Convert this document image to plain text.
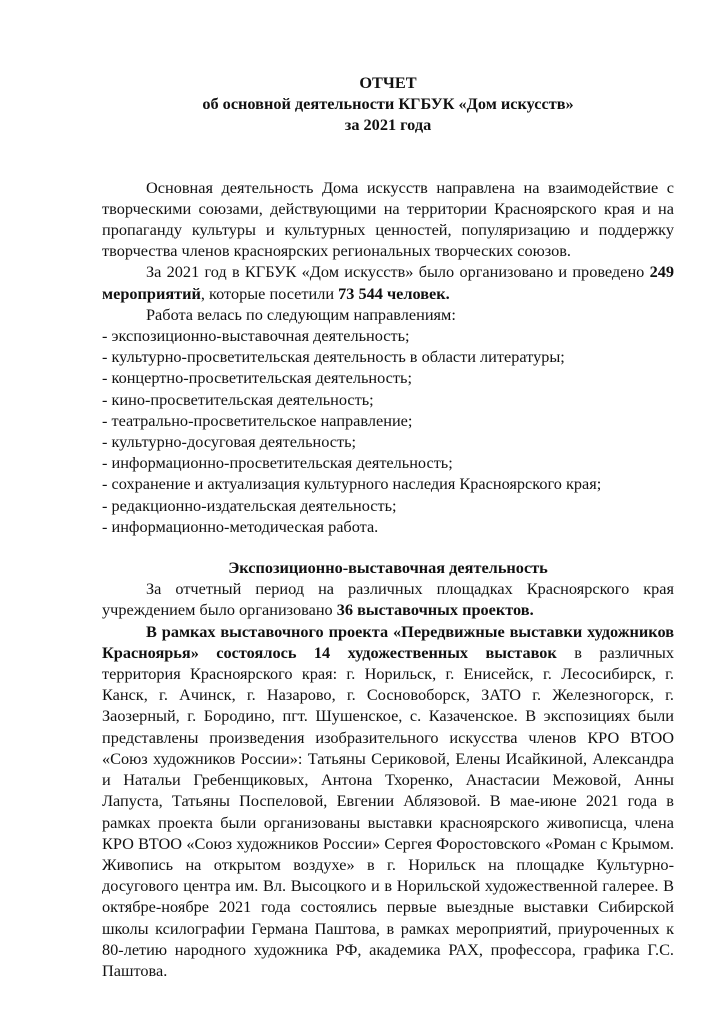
ОТЧЕТ
об основной деятельности КГБУК «Дом искусств»
за 2021 года

Основная деятельность Дома искусств направлена на взаимодействие с творческими союзами, действующими на территории Красноярского края и на пропаганду культуры и культурных ценностей, популяризацию и поддержку творчества членов красноярских региональных творческих союзов.

За 2021 год в КГБУК «Дом искусств» было организовано и проведено 249 мероприятий, которые посетили 73 544 человек.

Работа велась по следующим направлениям:
- экспозиционно-выставочная деятельность;
- культурно-просветительская деятельность в области литературы;
- концертно-просветительская деятельность;
- кино-просветительская деятельность;
- театрально-просветительское направление;
- культурно-досуговая деятельность;
- информационно-просветительская деятельность;
- сохранение и актуализация культурного наследия Красноярского края;
- редакционно-издательская деятельность;
- информационно-методическая работа.
Экспозиционно-выставочная деятельность

За отчетный период на различных площадках Красноярского края учреждением было организовано 36 выставочных проектов.

В рамках выставочного проекта «Передвижные выставки художников Красноярья» состоялось 14 художественных выставок в различных территория Красноярского края: г. Норильск, г. Енисейск, г. Лесосибирск, г. Канск, г. Ачинск, г. Назарово, г. Сосновоборск, ЗАТО г. Железногорск, г. Заозерный, г. Бородино, пгт. Шушенское, с. Казаченское. В экспозициях были представлены произведения изобразительного искусства членов КРО ВТОО «Союз художников России»: Татьяны Сериковой, Елены Исайкиной, Александра и Натальи Гребенщиковых, Антона Тхоренко, Анастасии Межовой, Анны Лапуста, Татьяны Поспеловой, Евгении Аблязовой. В мае-июне 2021 года в рамках проекта были организованы выставки красноярского живописца, члена КРО ВТОО «Союз художников России» Сергея Форостовского «Роман с Крымом. Живопись на открытом воздухе» в г. Норильск на площадке Культурно-досугового центра им. Вл. Высоцкого и в Норильской художественной галерее. В октябре-ноябре 2021 года состоялись первые выездные выставки Сибирской школы ксилографии Германа Паштова, в рамках мероприятий, приуроченных к 80-летию народного художника РФ, академика РАХ, профессора, графика Г.С. Паштова.
